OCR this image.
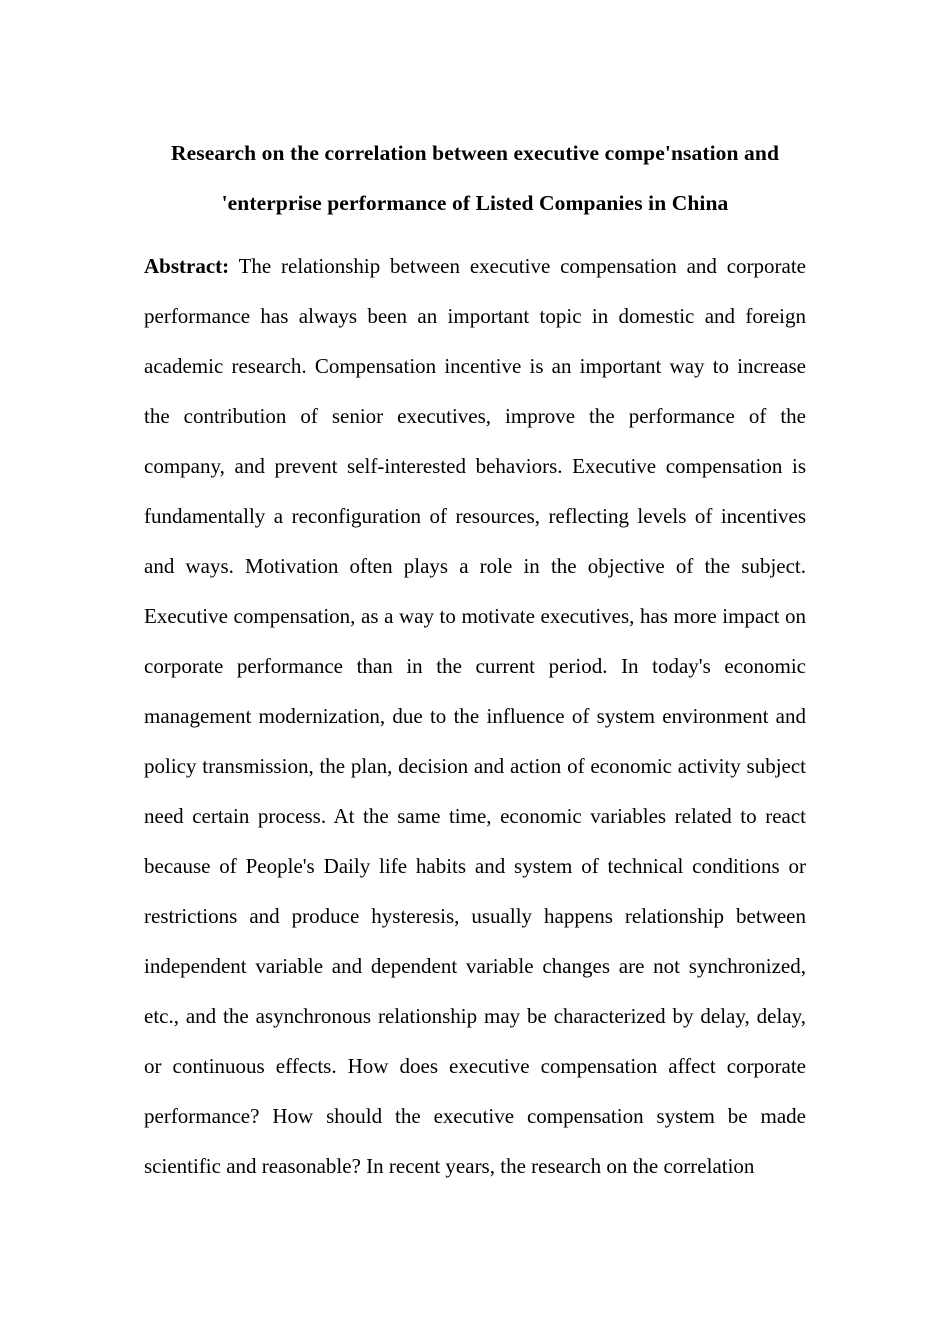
Research on the correlation between executive compe'nsation and
'enterprise performance of Listed Companies in China

Abstract: The relationship between executive compensation and corporate performance has always been an important topic in domestic and foreign academic research. Compensation incentive is an important way to increase the contribution of senior executives, improve the performance of the company, and prevent self-interested behaviors. Executive compensation is fundamentally a reconfiguration of resources, reflecting levels of incentives and ways. Motivation often plays a role in the objective of the subject. Executive compensation, as a way to motivate executives, has more impact on corporate performance than in the current period. In today's economic management modernization, due to the influence of system environment and policy transmission, the plan, decision and action of economic activity subject need certain process. At the same time, economic variables related to react because of People's Daily life habits and system of technical conditions or restrictions and produce hysteresis, usually happens relationship between independent variable and dependent variable changes are not synchronized, etc., and the asynchronous relationship may be characterized by delay, delay, or continuous effects. How does executive compensation affect corporate performance? How should the executive compensation system be made scientific and reasonable? In recent years, the research on the correlation
